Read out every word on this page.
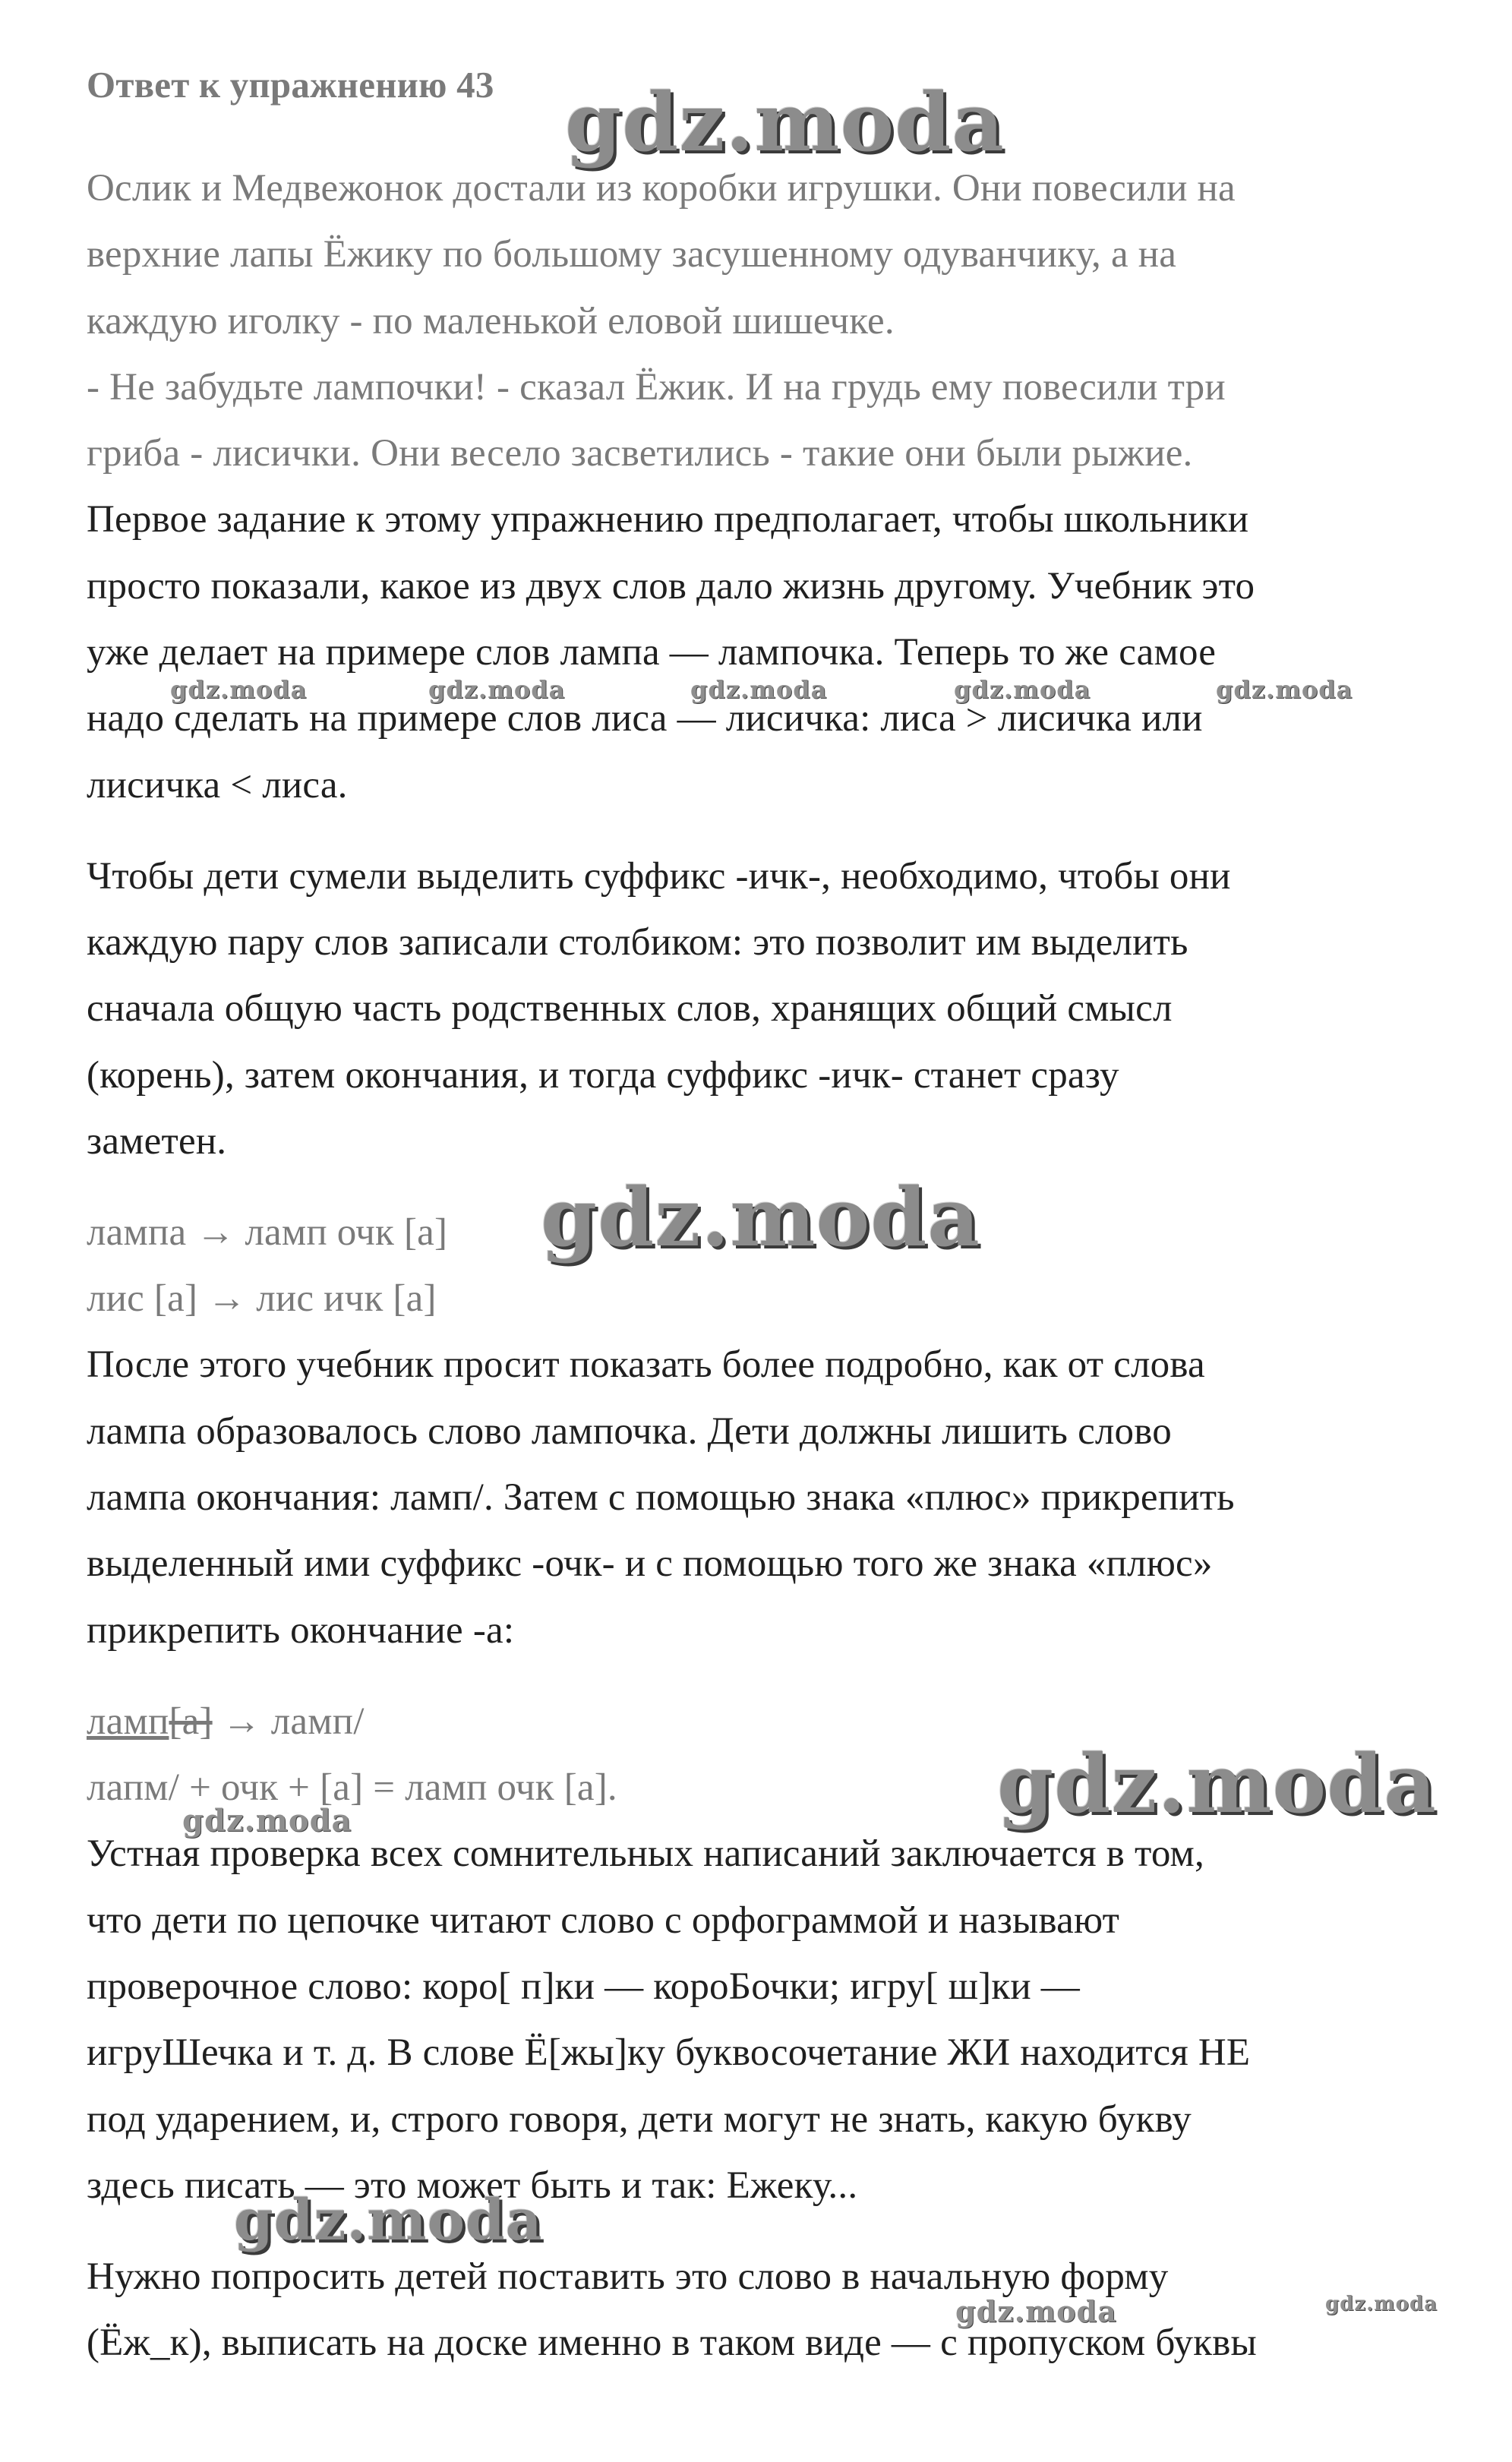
Ответ к упражнению 43

Ослик и Медвежонок достали из коробки игрушки. Они повесили на

верхние лапы Ёжику по большому засушенному одуванчику, а на

каждую иголку - по маленькой еловой шишечке.

- Не забудьте лампочки! - сказал Ёжик. И на грудь ему повесили три

гриба - лисички. Они весело засветились - такие они были рыжие.

Первое задание к этому упражнению предполагает, чтобы школьники

просто показали, какое из двух слов дало жизнь другому. Учебник это

уже делает на примере слов лампа — лампочка. Теперь то же самое

надо сделать на примере слов лиса — лисичка: лиса > лисичка или

лисичка < лиса.

Чтобы дети сумели выделить суффикс -ичк-, необходимо, чтобы они

каждую пару слов записали столбиком: это позволит им выделить

сначала общую часть родственных слов, хранящих общий смысл

(корень), затем окончания, и тогда суффикс -ичк- станет сразу

заметен.

лампа → ламп очк [а]

лис [а] → лис ичк [а]

После этого учебник просит показать более подробно, как от слова

лампа образовалось слово лампочка. Дети должны лишить слово

лампа окончания: ламп/. Затем с помощью знака «плюс» прикрепить

выделенный ими суффикс -очк- и с помощью того же знака «плюс»

прикрепить окончание -а:

ламп[а] → ламп/

лапм/ + очк + [а] = ламп очк [а].

Устная проверка всех сомнительных написаний заключается в том,

что дети по цепочке читают слово с орфограммой и называют

проверочное слово: коро[ п]ки — короБочки; игру[ ш]ки —

игруШечка и т. д. В слове Ё[жы]ку буквосочетание ЖИ находится НЕ

под ударением, и, строго говоря, дети могут не знать, какую букву

здесь писать — это может быть и так: Ежеку...

Нужно попросить детей поставить это слово в начальную форму

(Ёж_к), выписать на доске именно в таком виде — с пропуском буквы

gdz.moda
gdz.moda
gdz.moda
gdz.moda
gdz.moda	gdz.moda	gdz.moda	gdz.moda	gdz.moda
gdz.moda
gdz.moda	gdz.moda
